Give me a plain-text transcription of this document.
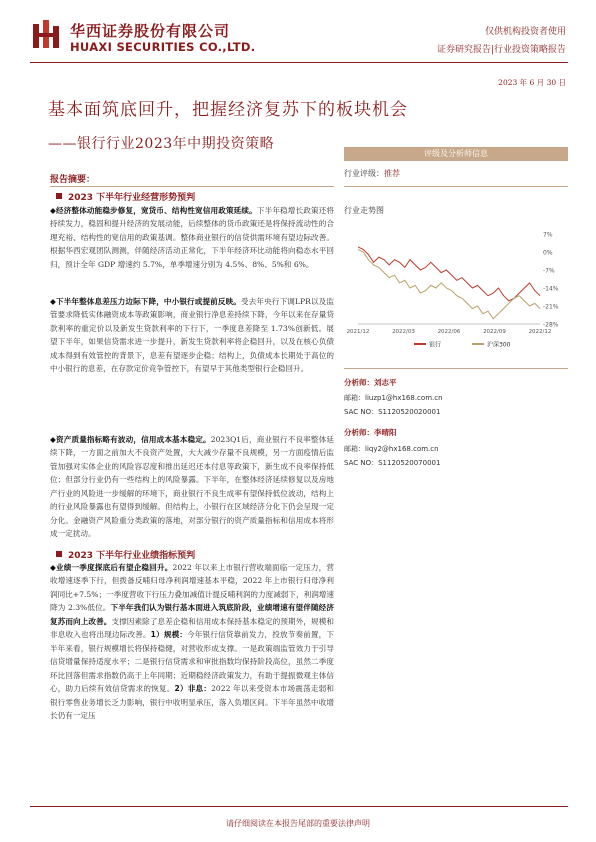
华西证券股份有限公司
HUAXI SECURITIES CO.,LTD.
仅供机构投资者使用
证券研究报告|行业投资策略报告
2023 年 6 月 30 日
基本面筑底回升，把握经济复苏下的板块机会
——银行行业2023年中期投资策略
报告摘要：
2023 下半年行业经营形势预判
◆经济整体动能稳步修复，宽货币、结构性宽信用政策延续。下半年稳增长政策还将持续发力，稳固和提升经济的发展动能，后续整体的货币政策还是将保持流动性的合理充裕、结构性的宽信用的政策基调。整体商业银行的信贷供需环境有望边际改善。根据华西宏观团队测测，伴随经济活动正常化，下半年经济环比动能将向稳态水平回归，预计全年 GDP 增速约 5.7%，单季增速分别为 4.5%、8%、5%和 6%。
◆下半年整体息差压力边际下降，中小银行或提前反映。受去年央行下调LPR以及监管要求降低实体融资成本等政策影响，商业银行净息差持续下降，今年以来在存量贷款利率的重定价以及新发生贷款利率的下行下，一季度息差降至 1.73%创新低。展望下半年，如果信贷需求进一步提升，新发生贷款利率将企稳回升，以及在核心负债成本得到有效管控的背景下，息差有望逐步企稳；结构上，负债成本长期处于高位的中小银行的息差，在存款定价竞争管控下，有望早于其他类型银行企稳回升。
◆资产质量指标略有波动，信用成本基本稳定。2023Q1后，商业银行不良率整体延续下降，一方面之前加大不良资产处置，大大减少存量不良规模，另一方面疫情后监管加强对实体企业的风险容忍度和推出延迟还本付息等政策下，新生成不良率保持低位；但部分行业仍有一些结构上的风险暴露。下半年，在整体经济延续修复以及房地产行业的风险进一步缓解的环境下，商业银行不良生成率有望保持低位波动，结构上的行业风险暴露也有望得到缓解。但结构上，小银行在区域经济分化下仍会呈现一定分化。金融资产风险重分类政策的落地，对部分银行的资产质量指标和信用成本将形成一定扰动。
2023 下半年行业业绩指标预判
◆业绩一季度探底后有望企稳回升。2022 年以来上市银行营收端面临一定压力，营收增速逐季下行，但拨备反哺归母净利润增速基本平稳，2022 年上市银行归母净利润同比+7.5%；一季度营收下行压力叠加减值计提反哺利润的力度减弱下，利润增速降为 2.3%低位。下半年我们认为银行基本面进入筑底阶段，业绩增速有望伴随经济复苏而向上改善。支撑因素除了息差企稳和信用成本保持基本稳定的预期外，规模和非息收入也将出现边际改善。1）规模：今年银行信贷靠前发力，投放节奏前置，下半年来看，银行规模增长将保持稳健，对营收形成支撑。一是政策端监管效力于引导信贷增量保持适度水平；二是银行信贷需求和审批指数均保持阶段高位，虽然二季度环比回落但需求指数仍高于上年同期；近期稳经济政策发力，有助于提振微观主体信心，助力后续有效信贷需求的恢复。2）非息：2022 年以来受资本市场震荡走弱和银行零售业务增长乏力影响，银行中收明显承压，落入负增区间。下半年虽然中收增长仍有一定压
评级及分析师信息
行业评级：推荐
行业走势图
7%
0%
-7%
-14%
-21%
-28%
2021/12	2022/03	2022/06	2022/09	2022/12
银行	沪深300
分析师：刘志平
邮箱：liuzp1@hx168.com.cn
SAC NO：S1120520020001
分析师：李晴阳
邮箱：liqy2@hx168.com.cn
SAC NO：S1120520070001
请仔细阅读在本报告尾部的重要法律声明
